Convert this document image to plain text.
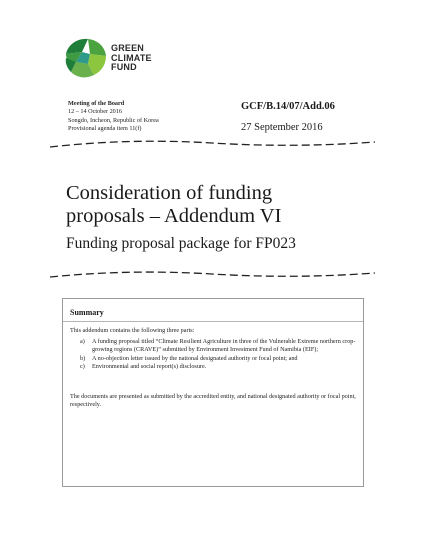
GREEN
CLIMATE
FUND
Meeting of the Board
12 – 14 October 2016
Songdo, Incheon, Republic of Korea
Provisional agenda item 11(f)
GCF/B.14/07/Add.06
27 September 2016
Consideration of funding
proposals – Addendum VI
Funding proposal package for FP023
Summary
This addendum contains the following three parts:
a) A funding proposal titled “Climate Resilient Agriculture in three of the Vulnerable Extreme northern crop-growing regions (CRAVE)” submitted by Environment Investment Fund of Namibia (EIF);
b) A no-objection letter issued by the national designated authority or focal point; and
c) Environmental and social report(s) disclosure.
The documents are presented as submitted by the accredited entity, and national designated authority or focal point, respectively.
